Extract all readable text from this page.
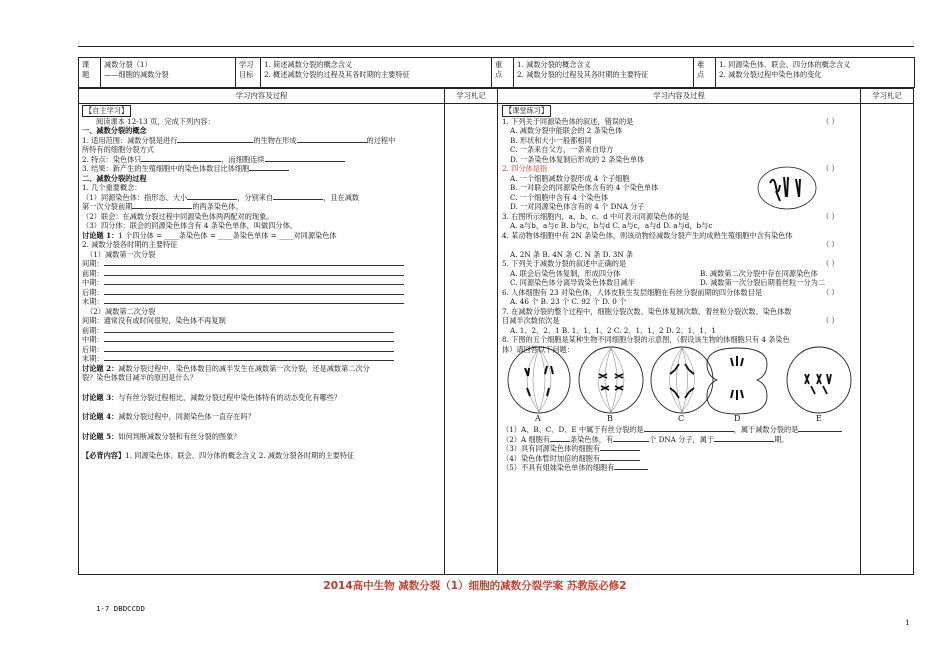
课
题	
减数分裂（1）
——细胞的减数分裂
	学习
目标	
1. 简述减数分裂的概念含义
2. 概述减数分裂的过程及其各时期的主要特征
	重
点	
1. 减数分裂的概念含义
2. 减数分裂的过程及其各时期的主要特征
	难
点	
1. 同源染色体、联会、四分体的概念含义
2. 减数分裂过程中染色体的变化
学习内容及过程	学习札记	学习内容及过程	学习札记

【自主学习】

阅读课本 12-13 页，完成下列内容：

一、减数分裂的概念

1. 适用范围：减数分裂是进行	的生物在形成	的过程中

所特有的细胞分裂方式

2. 特点：染色体只	，而细胞连续

3. 结果：新产生的生殖细胞中的染色体数目比体细胞

二、减数分裂的过程

1. 几个重要概念：

（1）同源染色体：指形态、大小	，分别来自	，且在减数

第一次分裂前期	的两条染色体。

（2）联会：在减数分裂过程中同源染色体两两配对的现象。

（3）四分体：联会的同源染色体含有 4 条染色单体，叫做四分体。

讨论题 1：1 个四分体 = ____条染色体 = ____条染色单体 = ____对同源染色体

2. 减数分裂各时期的主要特征

（1）减数第一次分裂

间期：

前期：

中期：

后期：

末期：

（2）减数第二次分裂

间期：通常没有或时间很短，染色体不再复制

前期：

中期：

后期：

末期：

讨论题 2：减数分裂过程中，染色体数目的减半发生在减数第一次分裂，还是减数第二次分

裂？染色体数目减半的原因是什么？

讨论题 3：与有丝分裂过程相比，减数分裂过程中染色体特有的动态变化有哪些？

讨论题 4：减数分裂过程中，同源染色体一直存在吗？

讨论题 5：如何判断减数分裂和有丝分裂的图象？

【必背内容】1. 同源染色体、联会、四分体的概念含义 2. 减数分裂各时期的主要特征

【课堂练习】

1. 下列关于同源染色体的叙述，错误的是	（ ）

A. 减数分裂中能联会的 2 条染色体

B. 形状和大小一般都相同

C. 一条来自父方，一条来自母方

D. 一条染色体复制后形成的 2 条染色单体

2. 四分体是指	（ ）

A. 一个细胞减数分裂形成 4 个子细胞

B. 一对联会的同源染色体含有的 4 个染色单体

C. 一个细胞中含有 4 个染色体

D. 一对同源染色体含有的 4 个 DNA 分子

3. 右图所示细胞内，a、b、c、d 中可表示同源染色体的是	（ ）

A. a与b，a与c B. b与c，b与d C. a与c，a与d D. a与d，b与c

4. 某动物体细胞中有 2N 条染色体，则该动物经减数分裂产生的成熟生殖细胞中含有染色体

（ ）

A. 2N 条 B. 4N 条 C. N 条 D. 3N 条

5. 下列关于减数分裂的叙述中正确的是	（ ）

A. 联会后染色体复制，形成四分体	B. 减数第二次分裂中存在同源染色体

C. 同源染色体分离导致染色体数目减半	D. 减数第一次分裂后期着丝粒一分为二

6. 人体细胞有 23 对染色体，人体皮肤生发层细胞在有丝分裂前期的四分体数目是	（ ）

A. 46 个 B. 23 个 C. 92 个 D. 0 个

7. 在减数分裂的整个过程中，细胞分裂次数、染色体复制次数、着丝粒分裂次数、染色体数

目减半次数依次是	（ ）

A. 1、2、2、1 B. 1、1、1、2 C. 2、1、1、2 D. 2、1、1、1

8. 下图的五个细胞是某种生物不同细胞分裂的示意图，（假设该生物的体细胞只有 4 条染色

体）请回答以下问题：

A	B	C	D	E

（1）A、B、C、D、E 中属于有丝分裂的是	，属于减数分裂的是

（2）A 细胞有	条染色体，有	个 DNA 分子，属于	期。

（3）具有同源染色体的细胞有

（4）染色体暂时加倍的细胞有

（5）不具有姐妹染色单体的细胞有

2014高中生物 减数分裂（1）细胞的减数分裂学案 苏教版必修2
1-7 DBDCCDD
1
